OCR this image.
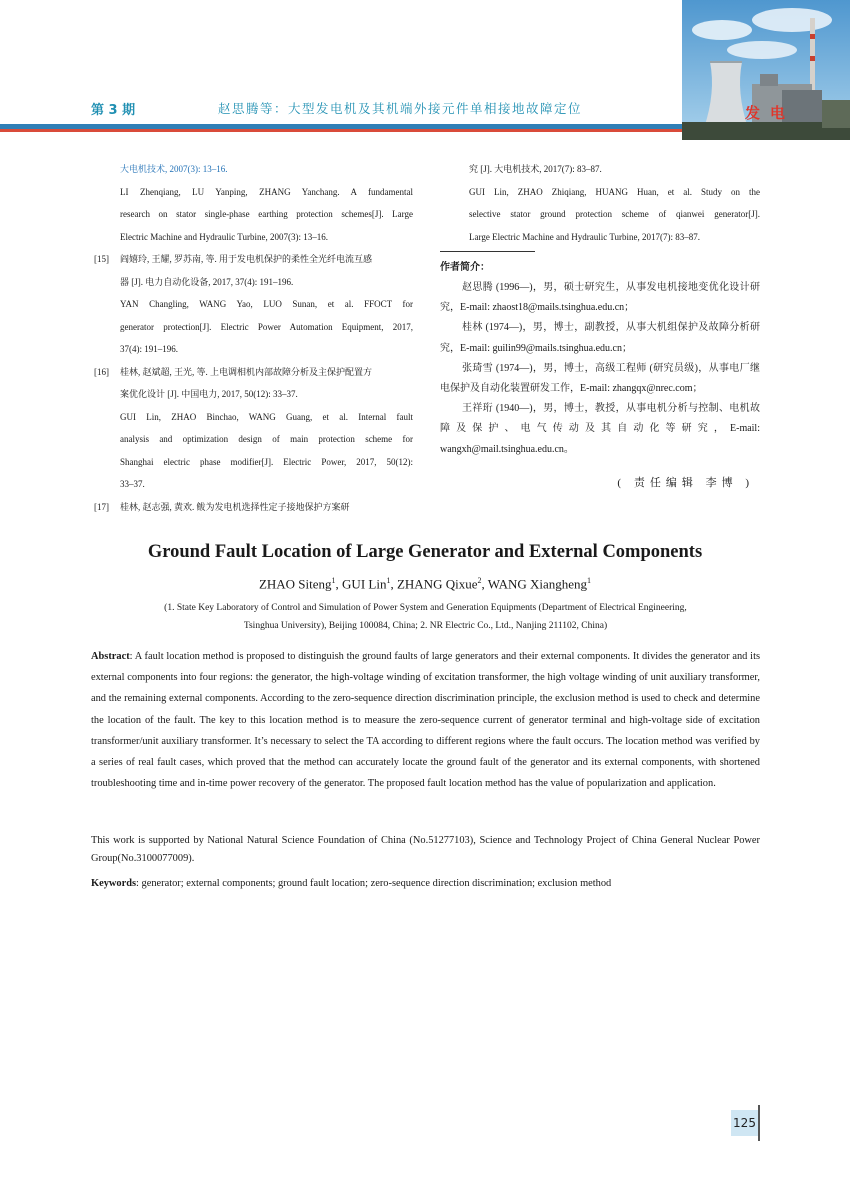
第 3 期	赵思腾等：大型发电机及其机端外接元件单相接地故障定位	发电
大电机技术, 2007(3): 13–16.
LI Zhenqiang, LU Yanping, ZHANG Yanchang. A fundamental
research on stator single-phase earthing protection schemes[J]. Large
Electric Machine and Hydraulic Turbine, 2007(3): 13–16.
[15] 阎嬉玲, 王耀, 罗苏南, 等. 用于发电机保护的柔性全光纤电流互感
器 [J]. 电力自动化设备, 2017, 37(4): 191–196.
YAN Changling, WANG Yao, LUO Sunan, et al. FFOCT for
generator protection[J]. Electric Power Automation Equipment, 2017,
37(4): 191–196.
[16] 桂林, 赵斌超, 王光, 等. 上电调相机内部故障分析及主保护配置方
案优化设计 [J]. 中国电力, 2017, 50(12): 33–37.
GUI Lin, ZHAO Binchao, WANG Guang, et al. Internal fault
analysis and optimization design of main protection scheme for
Shanghai electric phase modifier[J]. Electric Power, 2017, 50(12):
33–37.
[17] 桂林, 赵志强, 黄欢. 鲅为发电机选择性定子接地保护方案研
究 [J]. 大电机技术, 2017(7): 83–87.
GUI Lin, ZHAO Zhiqiang, HUANG Huan, et al. Study on the
selective stator ground protection scheme of qianwei generator[J].
Large Electric Machine and Hydraulic Turbine, 2017(7): 83–87.
作者简介：
赵思腾 (1996—)，男，硕士研究生，从事发电机接地变优化设计研究，E-mail: zhaost18@mails.tsinghua.edu.cn；
桂林 (1974—)，男，博士，副教授，从事大机组保护及故障分析研究，E-mail: guilin99@mails.tsinghua.edu.cn；
张琦雪 (1974—)，男，博士，高级工程师 (研究员级)，从事电厂继电保护及自动化装置研发工作，E-mail: zhangqx@nrec.com；
王祥珩 (1940—)，男，博士，教授，从事电机分析与控制、电机故障及保护、电气传动及其自动化等研究，E-mail: wangxh@mail.tsinghua.edu.cn。
( 责任编辑 李博 )
Ground Fault Location of Large Generator and External Components
ZHAO Siteng$^1$, GUI Lin$^1$, ZHANG Qixue$^2$, WANG Xiangheng$^1$
(1. State Key Laboratory of Control and Simulation of Power System and Generation Equipments (Department of Electrical Engineering,
Tsinghua University), Beijing 100084, China; 2. NR Electric Co., Ltd., Nanjing 211102, China)
Abstract: A fault location method is proposed to distinguish the ground faults of large generators and their external components. It divides the generator and its external components into four regions: the generator, the high-voltage winding of excitation transformer, the high voltage winding of unit auxiliary transformer, and the remaining external components. According to the zero-sequence direction discrimination principle, the exclusion method is used to check and determine the location of the fault. The key to this location method is to measure the zero-sequence current of generator terminal and high-voltage side of excitation transformer/unit auxiliary transformer. It’s necessary to select the TA according to different regions where the fault occurs. The location method was verified by a series of real fault cases, which proved that the method can accurately locate the ground fault of the generator and its external components, with shortened troubleshooting time and in-time power recovery of the generator. The proposed fault location method has the value of popularization and application.
This work is supported by National Natural Science Foundation of China (No.51277103), Science and Technology Project of China General Nuclear Power Group(No.3100077009).
Keywords: generator; external components; ground fault location; zero-sequence direction discrimination; exclusion method
125
